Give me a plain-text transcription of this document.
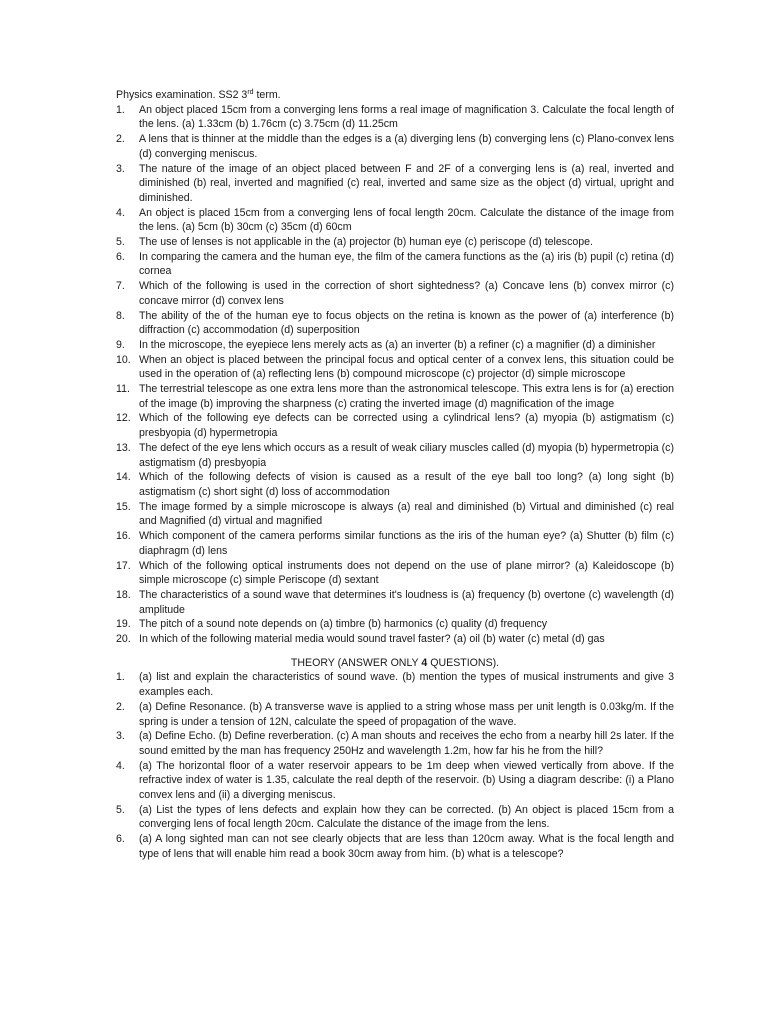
Physics examination. SS2 3rd term.

1. An object placed 15cm from a converging lens forms a real image of magnification 3. Calculate the focal length of the lens. (a) 1.33cm (b) 1.76cm (c) 3.75cm (d) 11.25cm
2. A lens that is thinner at the middle than the edges is a (a) diverging lens (b) converging lens (c) Plano-convex lens (d) converging meniscus.
3. The nature of the image of an object placed between F and 2F of a converging lens is (a) real, inverted and diminished (b) real, inverted and magnified (c) real, inverted and same size as the object (d) virtual, upright and diminished.
4. An object is placed 15cm from a converging lens of focal length 20cm. Calculate the distance of the image from the lens. (a) 5cm (b) 30cm (c) 35cm (d) 60cm
5. The use of lenses is not applicable in the (a) projector (b) human eye (c) periscope (d) telescope.
6. In comparing the camera and the human eye, the film of the camera functions as the (a) iris (b) pupil (c) retina (d) cornea
7. Which of the following is used in the correction of short sightedness? (a) Concave lens (b) convex mirror (c) concave mirror (d) convex lens
8. The ability of the of the human eye to focus objects on the retina is known as the power of (a) interference (b) diffraction (c) accommodation (d) superposition
9. In the microscope, the eyepiece lens merely acts as (a) an inverter (b) a refiner (c) a magnifier (d) a diminisher
10. When an object is placed between the principal focus and optical center of a convex lens, this situation could be used in the operation of (a) reflecting lens (b) compound microscope (c) projector (d) simple microscope
11. The terrestrial telescope as one extra lens more than the astronomical telescope. This extra lens is for (a) erection of the image (b) improving the sharpness (c) crating the inverted image (d) magnification of the image
12. Which of the following eye defects can be corrected using a cylindrical lens? (a) myopia (b) astigmatism (c) presbyopia (d) hypermetropia
13. The defect of the eye lens which occurs as a result of weak ciliary muscles called (d) myopia (b) hypermetropia (c) astigmatism (d) presbyopia
14. Which of the following defects of vision is caused as a result of the eye ball too long? (a) long sight (b) astigmatism (c) short sight (d) loss of accommodation
15. The image formed by a simple microscope is always (a) real and diminished (b) Virtual and diminished (c) real and Magnified (d) virtual and magnified
16. Which component of the camera performs similar functions as the iris of the human eye? (a) Shutter (b) film (c) diaphragm (d) lens
17. Which of the following optical instruments does not depend on the use of plane mirror? (a) Kaleidoscope (b) simple microscope (c) simple Periscope (d) sextant
18. The characteristics of a sound wave that determines it's loudness is (a) frequency (b) overtone (c) wavelength (d) amplitude
19. The pitch of a sound note depends on (a) timbre (b) harmonics (c) quality (d) frequency
20. In which of the following material media would sound travel faster? (a) oil (b) water (c) metal (d) gas

THEORY (ANSWER ONLY 4 QUESTIONS).

1. (a) list and explain the characteristics of sound wave. (b) mention the types of musical instruments and give 3 examples each.
2. (a) Define Resonance. (b) A transverse wave is applied to a string whose mass per unit length is 0.03kg/m. If the spring is under a tension of 12N, calculate the speed of propagation of the wave.
3. (a) Define Echo. (b) Define reverberation. (c) A man shouts and receives the echo from a nearby hill 2s later. If the sound emitted by the man has frequency 250Hz and wavelength 1.2m, how far his he from the hill?
4. (a) The horizontal floor of a water reservoir appears to be 1m deep when viewed vertically from above. If the refractive index of water is 1.35, calculate the real depth of the reservoir. (b) Using a diagram describe: (i) a Plano convex lens and (ii) a diverging meniscus.
5. (a) List the types of lens defects and explain how they can be corrected. (b) An object is placed 15cm from a converging lens of focal length 20cm. Calculate the distance of the image from the lens.
6. (a) A long sighted man can not see clearly objects that are less than 120cm away. What is the focal length and type of lens that will enable him read a book 30cm away from him. (b) what is a telescope?
